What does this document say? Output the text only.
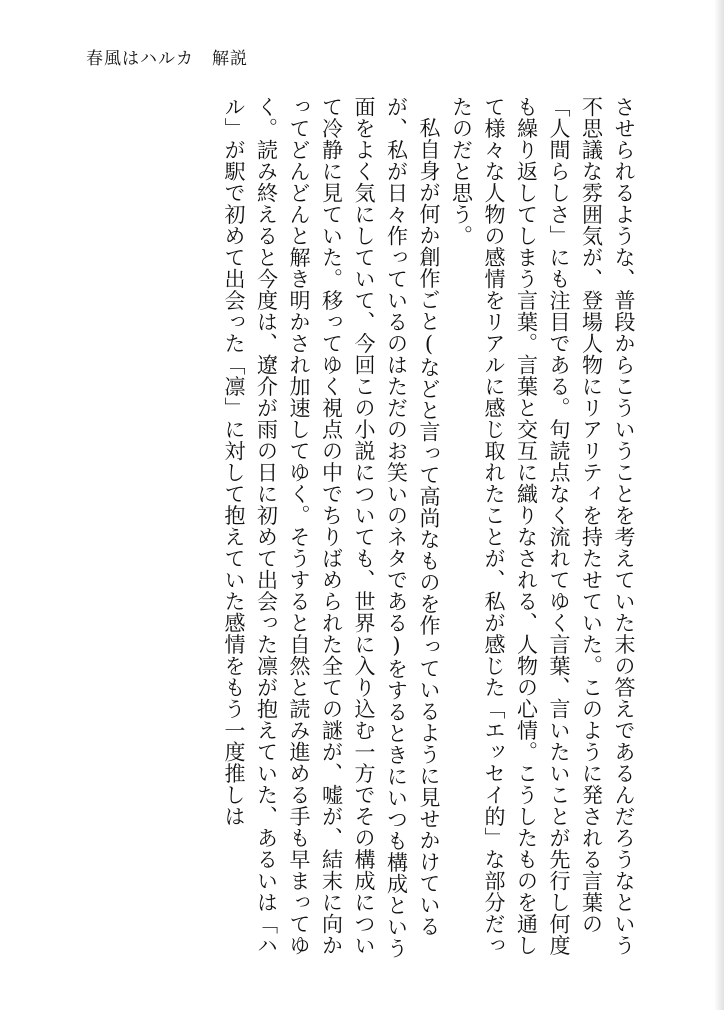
春風はハルカ　解説

させられるような、普段からこういうことを考えていた末の答えであるんだろうなという不思議な雰囲気が、登場人物にリアリティを持たせていた。このように発される言葉の「人間らしさ」にも注目である。句読点なく流れてゆく言葉、言いたいことが先行し何度も繰り返してしまう言葉。言葉と交互に織りなされる、人物の心情。こうしたものを通して様々な人物の感情をリアルに感じ取れたことが、私が感じた「エッセイ的」な部分だったのだと思う。

私自身が何か創作ごと(などと言って高尚なものを作っているように見せかけているが、私が日々作っているのはただのお笑いのネタである)をするときにいつも構成という面をよく気にしていて、今回この小説についても、世界に入り込む一方でその構成について冷静に見ていた。移ってゆく視点の中でちりばめられた全ての謎が、嘘が、結末に向かってどんどんと解き明かされ加速してゆく。そうすると自然と読み進める手も早まってゆく。読み終えると今度は、遼介が雨の日に初めて出会った凛が抱えていた、あるいは「ハル」が駅で初めて出会った「凛」に対して抱えていた感情をもう一度推しは
